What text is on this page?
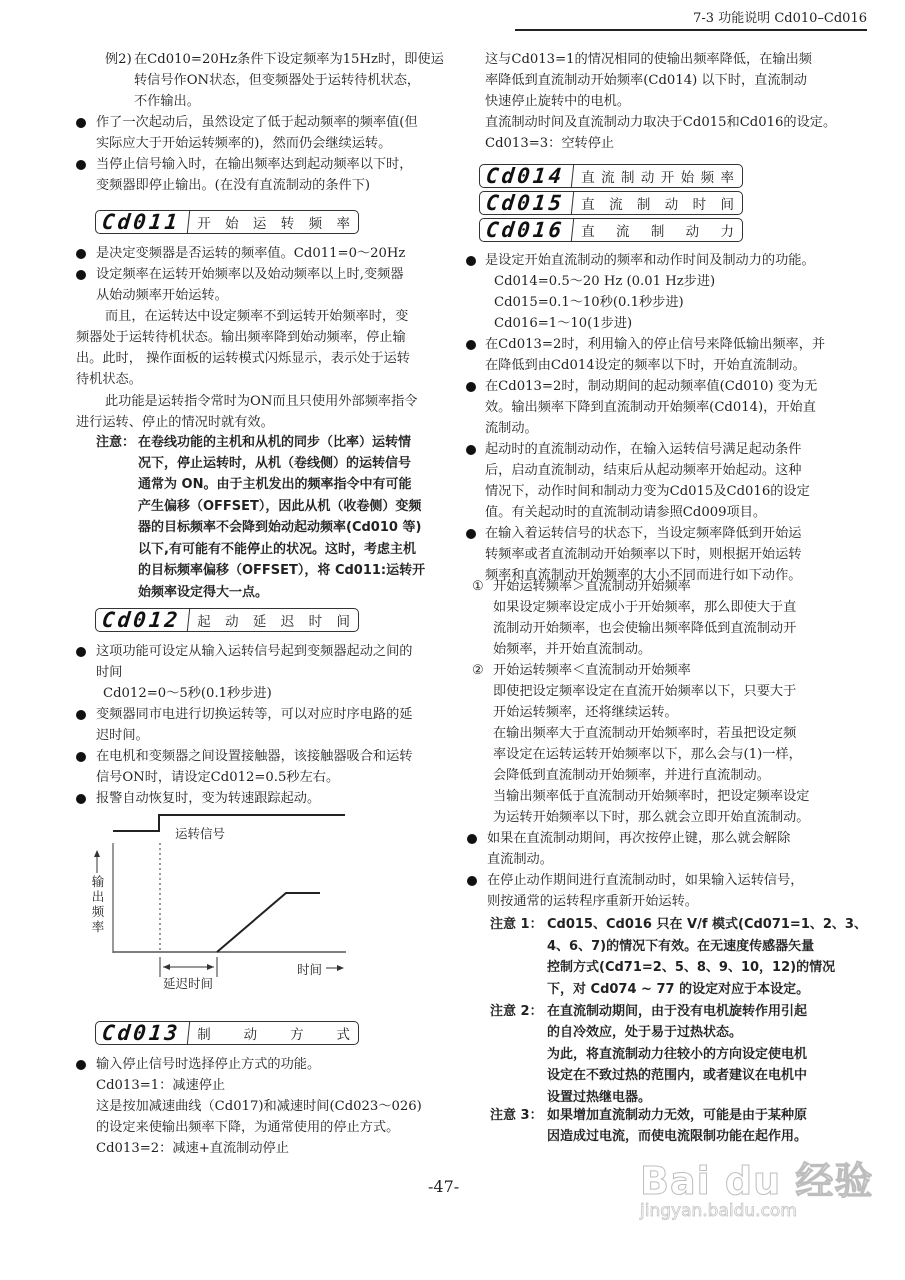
7-3 功能说明 Cd010–Cd016
例2) 在Cd010=20Hz条件下设定频率为15Hz时，即使运
转信号作ON状态，但变频器处于运转待机状态，
不作输出。
作了一次起动后，虽然设定了低于起动频率的频率值(但
实际应大于开始运转频率的)，然而仍会继续运转。
当停止信号输入时，在输出频率达到起动频率以下时，
变频器即停止输出。(在没有直流制动的条件下)
Cd011	开 始 运 转 频 率
是决定变频器是否运转的频率值。Cd011=0～20Hz
设定频率在运转开始频率以及始动频率以上时,变频器
从始动频率开始运转。
而且，在运转达中设定频率不到运转开始频率时，变
频器处于运转待机状态。输出频率降到始动频率，停止输
出。此时， 操作面板的运转模式闪烁显示，表示处于运转
待机状态。
此功能是运转指令常时为ON而且只使用外部频率指令
进行运转、停止的情况时就有效。
注意： 在卷线功能的主机和从机的同步（比率）运转情
况下，停止运转时，从机（卷线侧）的运转信号
通常为 ON。由于主机发出的频率指令中有可能
产生偏移（OFFSET），因此从机（收卷侧）变频
器的目标频率不会降到始动起动频率(Cd010 等)
以下,有可能有不能停止的状况。这时，考虑主机
的目标频率偏移（OFFSET），将 Cd011:运转开
始频率设定得大一点。
Cd012	起 动 延 迟 时 间
这项功能可设定从输入运转信号起到变频器起动之间的
时间
Cd012=0～5秒(0.1秒步进)
变频器同市电进行切换运转等，可以对应时序电路的延
迟时间。
在电机和变频器之间设置接触器，该接触器吸合和运转
信号ON时，请设定Cd012=0.5秒左右。
报警自动恢复时，变为转速跟踪起动。
运转信号
输
出
频
率
时间
延迟时间
Cd013	制 动 方 式
输入停止信号时选择停止方式的功能。
Cd013=1：减速停止
这是按加减速曲线（Cd017)和减速时间(Cd023～026)
的设定来使输出频率下降，为通常使用的停止方式。
Cd013=2：减速+直流制动停止
这与Cd013=1的情况相同的使输出频率降低，在输出频
率降低到直流制动开始频率(Cd014) 以下时，直流制动
快速停止旋转中的电机。
直流制动时间及直流制动力取决于Cd015和Cd016的设定。
Cd013=3：空转停止
Cd014	直 流 制 动 开 始 频 率
Cd015	直 流 制 动 时 间
Cd016	直 流 制 动 力
是设定开始直流制动的频率和动作时间及制动力的功能。
Cd014=0.5～20 Hz (0.01 Hz步进)
Cd015=0.1～10秒(0.1秒步进)
Cd016=1～10(1步进)
在Cd013=2时，利用输入的停止信号来降低输出频率，并
在降低到由Cd014设定的频率以下时，开始直流制动。
在Cd013=2时，制动期间的起动频率值(Cd010) 变为无
效。输出频率下降到直流制动开始频率(Cd014)，开始直
流制动。
起动时的直流制动动作，在输入运转信号满足起动条件
后，启动直流制动，结束后从起动频率开始起动。这种
情况下，动作时间和制动力变为Cd015及Cd016的设定
值。有关起动时的直流制动请参照Cd009项目。
在输入着运转信号的状态下，当设定频率降低到开始运
转频率或者直流制动开始频率以下时，则根据开始运转
频率和直流制动开始频率的大小不同而进行如下动作。
① 开始运转频率＞直流制动开始频率
如果设定频率设定成小于开始频率，那么即使大于直
流制动开始频率，也会使输出频率降低到直流制动开
始频率，并开始直流制动。
② 开始运转频率＜直流制动开始频率
即使把设定频率设定在直流开始频率以下，只要大于
开始运转频率，还将继续运转。
在输出频率大于直流制动开始频率时，若虽把设定频
率设定在运转运转开始频率以下，那么会与(1)一样，
会降低到直流制动开始频率，并进行直流制动。
当输出频率低于直流制动开始频率时，把设定频率设定
为运转开始频率以下时，那么就会立即开始直流制动。
如果在直流制动期间，再次按停止键，那么就会解除
直流制动。
在停止动作期间进行直流制动时，如果输入运转信号，
则按通常的运转程序重新开始运转。
注意 1： Cd015、Cd016 只在 V/f 模式(Cd071=1、2、3、
4、6、7)的情况下有效。在无速度传感器矢量
控制方式(Cd71=2、5、8、9、10，12)的情况
下，对 Cd074 ~ 77 的设定对应于本设定。
注意 2： 在直流制动期间，由于没有电机旋转作用引起
的自冷效应，处于易于过热状态。
为此，将直流制动力往较小的方向设定使电机
设定在不致过热的范围内，或者建议在电机中
设置过热继电器。
注意 3： 如果增加直流制动力无效，可能是由于某种原
因造成过电流，而使电流限制功能在起作用。
-47-	Bai du 经验
jingyan.baidu.com
